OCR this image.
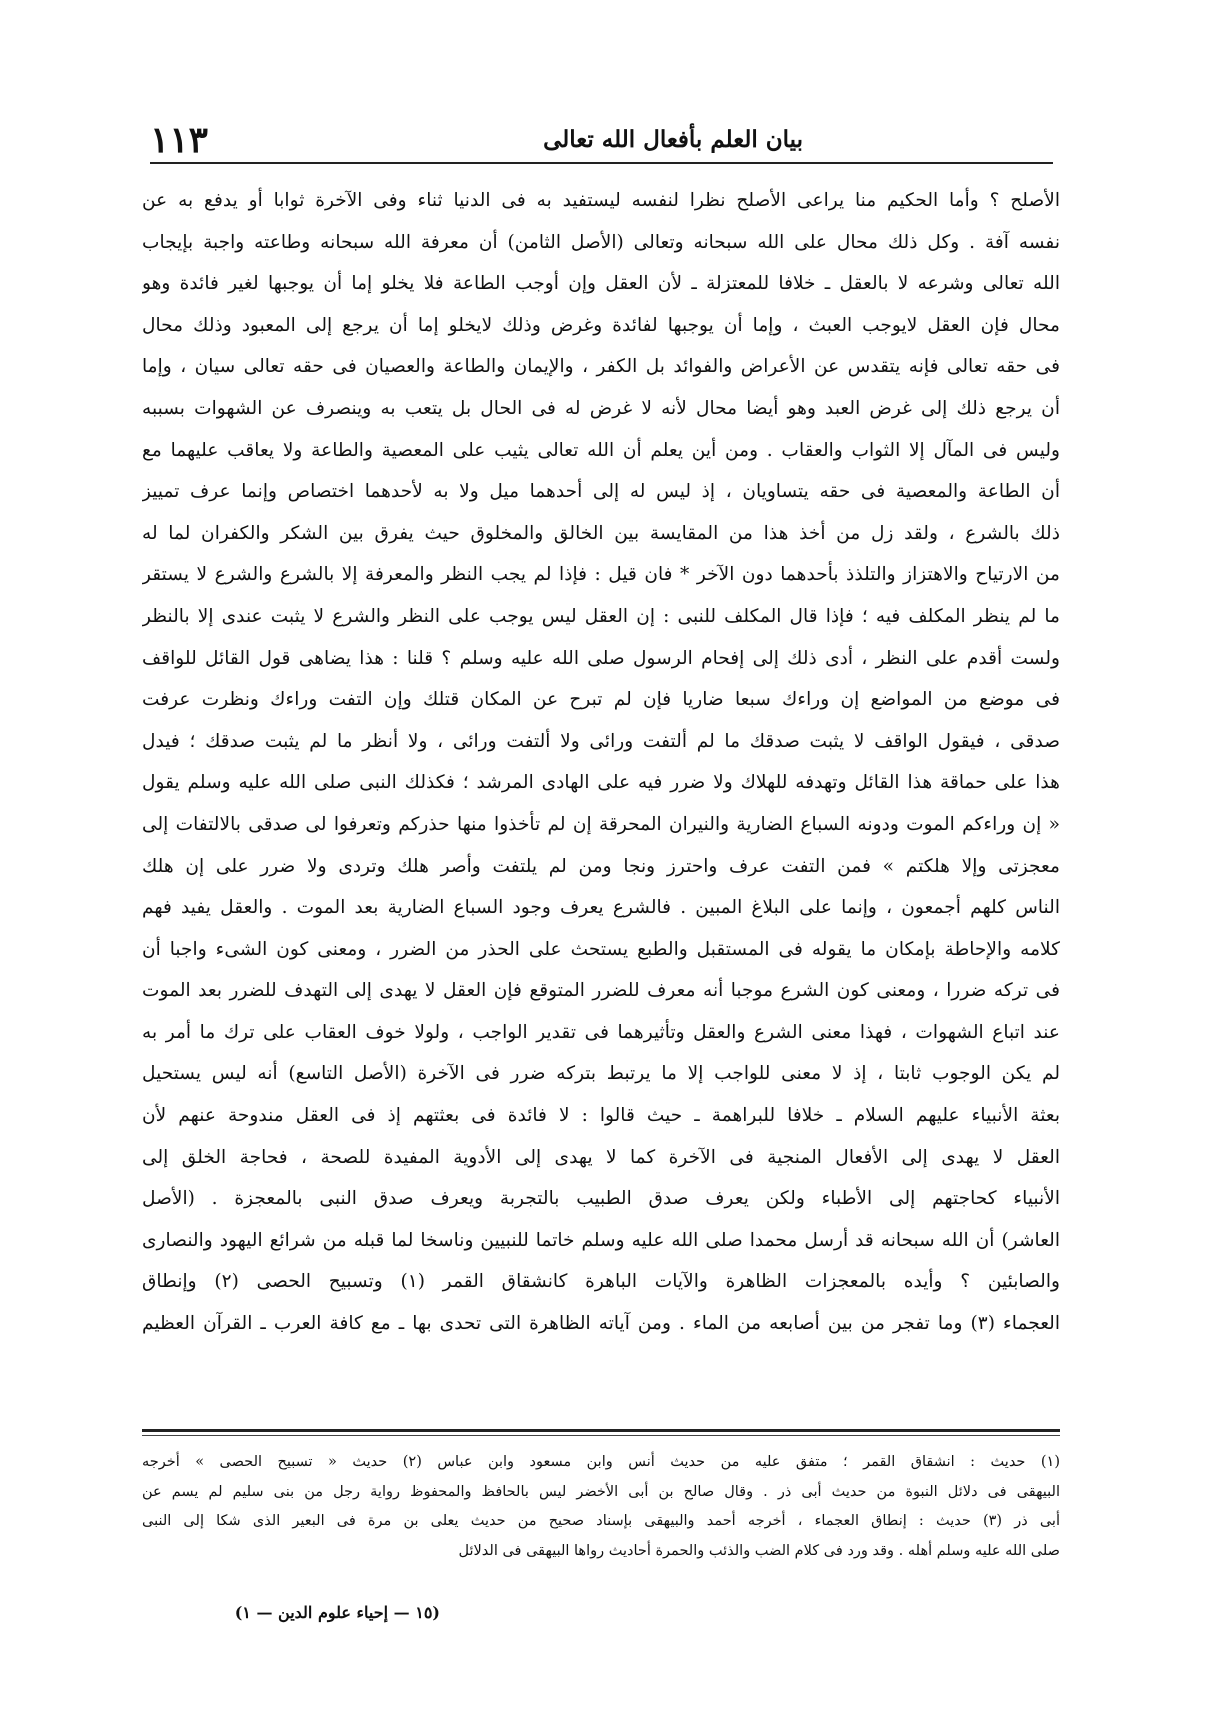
١١٣	بيان العلم بأفعال الله تعالى
الأصلح ؟ وأما الحكيم منا يراعى الأصلح نظرا لنفسه ليستفيد به فى الدنيا ثناء وفى الآخرة ثوابا أو يدفع به عن
نفسه آفة . وكل ذلك محال على الله سبحانه وتعالى (الأصل الثامن) أن معرفة الله سبحانه وطاعته واجبة بإيجاب
الله تعالى وشرعه لا بالعقل ـ خلافا للمعتزلة ـ لأن العقل وإن أوجب الطاعة فلا يخلو إما أن يوجبها لغير فائدة وهو
محال فإن العقل لايوجب العبث ، وإما أن يوجبها لفائدة وغرض وذلك لايخلو إما أن يرجع إلى المعبود وذلك محال
فى حقه تعالى فإنه يتقدس عن الأعراض والفوائد بل الكفر ، والإيمان والطاعة والعصيان فى حقه تعالى سيان ، وإما
أن يرجع ذلك إلى غرض العبد وهو أيضا محال لأنه لا غرض له فى الحال بل يتعب به وينصرف عن الشهوات بسببه
وليس فى المآل إلا الثواب والعقاب . ومن أين يعلم أن الله تعالى يثيب على المعصية والطاعة ولا يعاقب عليهما مع
أن الطاعة والمعصية فى حقه يتساويان ، إذ ليس له إلى أحدهما ميل ولا به لأحدهما اختصاص وإنما عرف تمييز
ذلك بالشرع ، ولقد زل من أخذ هذا من المقايسة بين الخالق والمخلوق حيث يفرق بين الشكر والكفران لما له
من الارتياح والاهتزاز والتلذذ بأحدهما دون الآخر * فان قيل : فإذا لم يجب النظر والمعرفة إلا بالشرع والشرع لا يستقر
ما لم ينظر المكلف فيه ؛ فإذا قال المكلف للنبى : إن العقل ليس يوجب على النظر والشرع لا يثبت عندى إلا بالنظر
ولست أقدم على النظر ، أدى ذلك إلى إفحام الرسول صلى الله عليه وسلم ؟ قلنا : هذا يضاهى قول القائل للواقف
فى موضع من المواضع إن وراءك سبعا ضاريا فإن لم تبرح عن المكان قتلك وإن التفت وراءك ونظرت عرفت
صدقى ، فيقول الواقف لا يثبت صدقك ما لم ألتفت ورائى ولا ألتفت ورائى ، ولا أنظر ما لم يثبت صدقك ؛ فيدل
هذا على حماقة هذا القائل وتهدفه للهلاك ولا ضرر فيه على الهادى المرشد ؛ فكذلك النبى صلى الله عليه وسلم يقول
« إن وراءكم الموت ودونه السباع الضارية والنيران المحرقة إن لم تأخذوا منها حذركم وتعرفوا لى صدقى بالالتفات إلى
معجزتى وإلا هلكتم » فمن التفت عرف واحترز ونجا ومن لم يلتفت وأصر هلك وتردى ولا ضرر على إن هلك
الناس كلهم أجمعون ، وإنما على البلاغ المبين . فالشرع يعرف وجود السباع الضارية بعد الموت . والعقل يفيد فهم
كلامه والإحاطة بإمكان ما يقوله فى المستقبل والطبع يستحث على الحذر من الضرر ، ومعنى كون الشىء واجبا أن
فى تركه ضررا ، ومعنى كون الشرع موجبا أنه معرف للضرر المتوقع فإن العقل لا يهدى إلى التهدف للضرر بعد الموت
عند اتباع الشهوات ، فهذا معنى الشرع والعقل وتأثيرهما فى تقدير الواجب ، ولولا خوف العقاب على ترك ما أمر به
لم يكن الوجوب ثابتا ، إذ لا معنى للواجب إلا ما يرتبط بتركه ضرر فى الآخرة (الأصل التاسع) أنه ليس يستحيل
بعثة الأنبياء عليهم السلام ـ خلافا للبراهمة ـ حيث قالوا : لا فائدة فى بعثتهم إذ فى العقل مندوحة عنهم لأن
العقل لا يهدى إلى الأفعال المنجية فى الآخرة كما لا يهدى إلى الأدوية المفيدة للصحة ، فحاجة الخلق إلى
الأنبياء كحاجتهم إلى الأطباء ولكن يعرف صدق الطبيب بالتجربة ويعرف صدق النبى بالمعجزة . (الأصل
العاشر) أن الله سبحانه قد أرسل محمدا صلى الله عليه وسلم خاتما للنبيين وناسخا لما قبله من شرائع اليهود والنصارى
والصابئين ؟ وأيده بالمعجزات الظاهرة والآيات الباهرة كانشقاق القمر (١) وتسبيح الحصى (٢) وإنطاق
العجماء (٣) وما تفجر من بين أصابعه من الماء . ومن آياته الظاهرة التى تحدى بها ـ مع كافة العرب ـ القرآن العظيم
(١) حديث : انشقاق القمر ؛ متفق عليه من حديث أنس وابن مسعود وابن عباس (٢) حديث « تسبيح الحصى » أخرجه
البيهقى فى دلائل النبوة من حديث أبى ذر . وقال صالح بن أبى الأخضر ليس بالحافظ والمحفوظ رواية رجل من بنى سليم لم يسم عن
أبى ذر (٣) حديث : إنطاق العجماء ، أخرجه أحمد والبيهقى بإسناد صحيح من حديث يعلى بن مرة فى البعير الذى شكا إلى النبى
صلى الله عليه وسلم أهله . وقد ورد فى كلام الضب والذئب والحمرة أحاديث رواها البيهقى فى الدلائل
(١٥ — إحياء علوم الدين — ١)
